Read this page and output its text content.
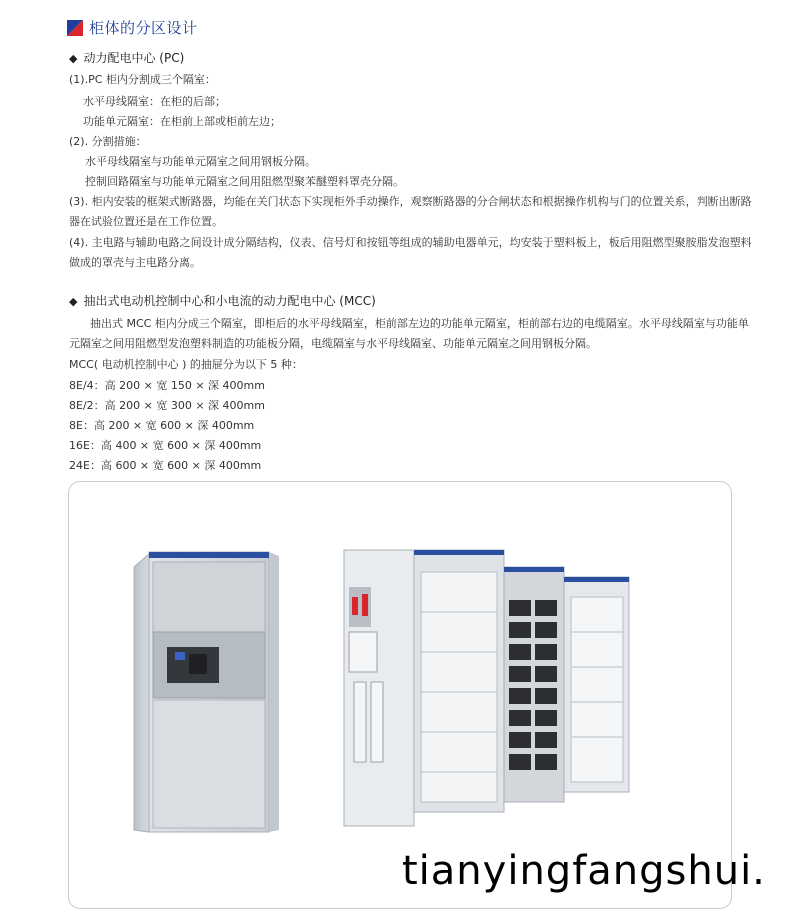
柜体的分区设计
◆ 动力配电中心 (PC)
(1).PC 柜内分割成三个隔室：
水平母线隔室：在柜的后部；
功能单元隔室：在柜前上部或柜前左边；
(2). 分割措施：
水平母线隔室与功能单元隔室之间用钢板分隔。
控制回路隔室与功能单元隔室之间用阻燃型聚苯醚塑料罩壳分隔。
(3). 柜内安装的框架式断路器，均能在关门状态下实现柜外手动操作，观察断路器的分合闸状态和根据操作机构与门的位置关系，判断出断路
器在试验位置还是在工作位置。
(4). 主电路与辅助电路之间设计成分隔结构，仪表、信号灯和按钮等组成的辅助电器单元，均安装于塑料板上，板后用阻燃型聚胺脂发泡塑料
做成的罩壳与主电路分离。
◆ 抽出式电动机控制中心和小电流的动力配电中心 (MCC)
抽出式 MCC 柜内分成三个隔室，即柜后的水平母线隔室，柜前部左边的功能单元隔室，柜前部右边的电缆隔室。水平母线隔室与功能单
元隔室之间用阻燃型发泡塑料制造的功能板分隔，电缆隔室与水平母线隔室、功能单元隔室之间用钢板分隔。
MCC( 电动机控制中心 ) 的抽屉分为以下 5 种：
8E/4：高 200 × 宽 150 × 深 400mm
8E/2：高 200 × 宽 300 × 深 400mm
8E：高 200 × 宽 600 × 深 400mm
16E：高 400 × 宽 600 × 深 400mm
24E：高 600 × 宽 600 × 深 400mm
tianyingfangshui.
